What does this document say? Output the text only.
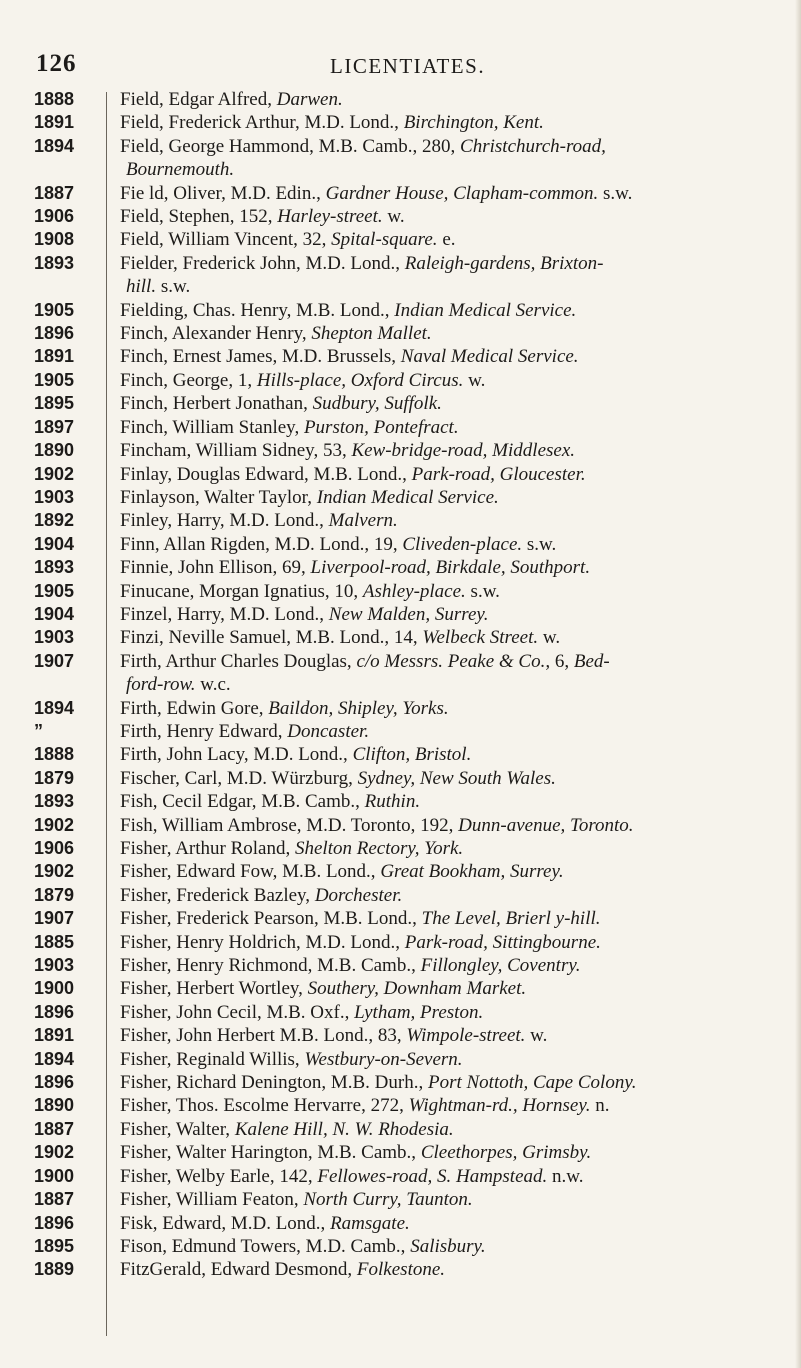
126	LICENTIATES.
1888	Field, Edgar Alfred, Darwen.
1891	Field, Frederick Arthur, M.D. Lond., Birchington, Kent.
1894	Field, George Hammond, M.B. Camb., 280, Christchurch-road,
Bournemouth.
1887	Fie ld, Oliver, M.D. Edin., Gardner House, Clapham-common. s.w.
1906	Field, Stephen, 152, Harley-street. w.
1908	Field, William Vincent, 32, Spital-square. e.
1893	Fielder, Frederick John, M.D. Lond., Raleigh-gardens, Brixton-
hill. s.w.
1905	Fielding, Chas. Henry, M.B. Lond., Indian Medical Service.
1896	Finch, Alexander Henry, Shepton Mallet.
1891	Finch, Ernest James, M.D. Brussels, Naval Medical Service.
1905	Finch, George, 1, Hills-place, Oxford Circus. w.
1895	Finch, Herbert Jonathan, Sudbury, Suffolk.
1897	Finch, William Stanley, Purston, Pontefract.
1890	Fincham, William Sidney, 53, Kew-bridge-road, Middlesex.
1902	Finlay, Douglas Edward, M.B. Lond., Park-road, Gloucester.
1903	Finlayson, Walter Taylor, Indian Medical Service.
1892	Finley, Harry, M.D. Lond., Malvern.
1904	Finn, Allan Rigden, M.D. Lond., 19, Cliveden-place. s.w.
1893	Finnie, John Ellison, 69, Liverpool-road, Birkdale, Southport.
1905	Finucane, Morgan Ignatius, 10, Ashley-place. s.w.
1904	Finzel, Harry, M.D. Lond., New Malden, Surrey.
1903	Finzi, Neville Samuel, M.B. Lond., 14, Welbeck Street. w.
1907	Firth, Arthur Charles Douglas, c/o Messrs. Peake & Co., 6, Bed-
ford-row. w.c.
1894	Firth, Edwin Gore, Baildon, Shipley, Yorks.
”	Firth, Henry Edward, Doncaster.
1888	Firth, John Lacy, M.D. Lond., Clifton, Bristol.
1879	Fischer, Carl, M.D. Würzburg, Sydney, New South Wales.
1893	Fish, Cecil Edgar, M.B. Camb., Ruthin.
1902	Fish, William Ambrose, M.D. Toronto, 192, Dunn-avenue, Toronto.
1906	Fisher, Arthur Roland, Shelton Rectory, York.
1902	Fisher, Edward Fow, M.B. Lond., Great Bookham, Surrey.
1879	Fisher, Frederick Bazley, Dorchester.
1907	Fisher, Frederick Pearson, M.B. Lond., The Level, Brierl y-hill.
1885	Fisher, Henry Holdrich, M.D. Lond., Park-road, Sittingbourne.
1903	Fisher, Henry Richmond, M.B. Camb., Fillongley, Coventry.
1900	Fisher, Herbert Wortley, Southery, Downham Market.
1896	Fisher, John Cecil, M.B. Oxf., Lytham, Preston.
1891	Fisher, John Herbert M.B. Lond., 83, Wimpole-street. w.
1894	Fisher, Reginald Willis, Westbury-on-Severn.
1896	Fisher, Richard Denington, M.B. Durh., Port Nottoth, Cape Colony.
1890	Fisher, Thos. Escolme Hervarre, 272, Wightman-rd., Hornsey. n.
1887	Fisher, Walter, Kalene Hill, N. W. Rhodesia.
1902	Fisher, Walter Harington, M.B. Camb., Cleethorpes, Grimsby.
1900	Fisher, Welby Earle, 142, Fellowes-road, S. Hampstead. n.w.
1887	Fisher, William Featon, North Curry, Taunton.
1896	Fisk, Edward, M.D. Lond., Ramsgate.
1895	Fison, Edmund Towers, M.D. Camb., Salisbury.
1889	FitzGerald, Edward Desmond, Folkestone.
